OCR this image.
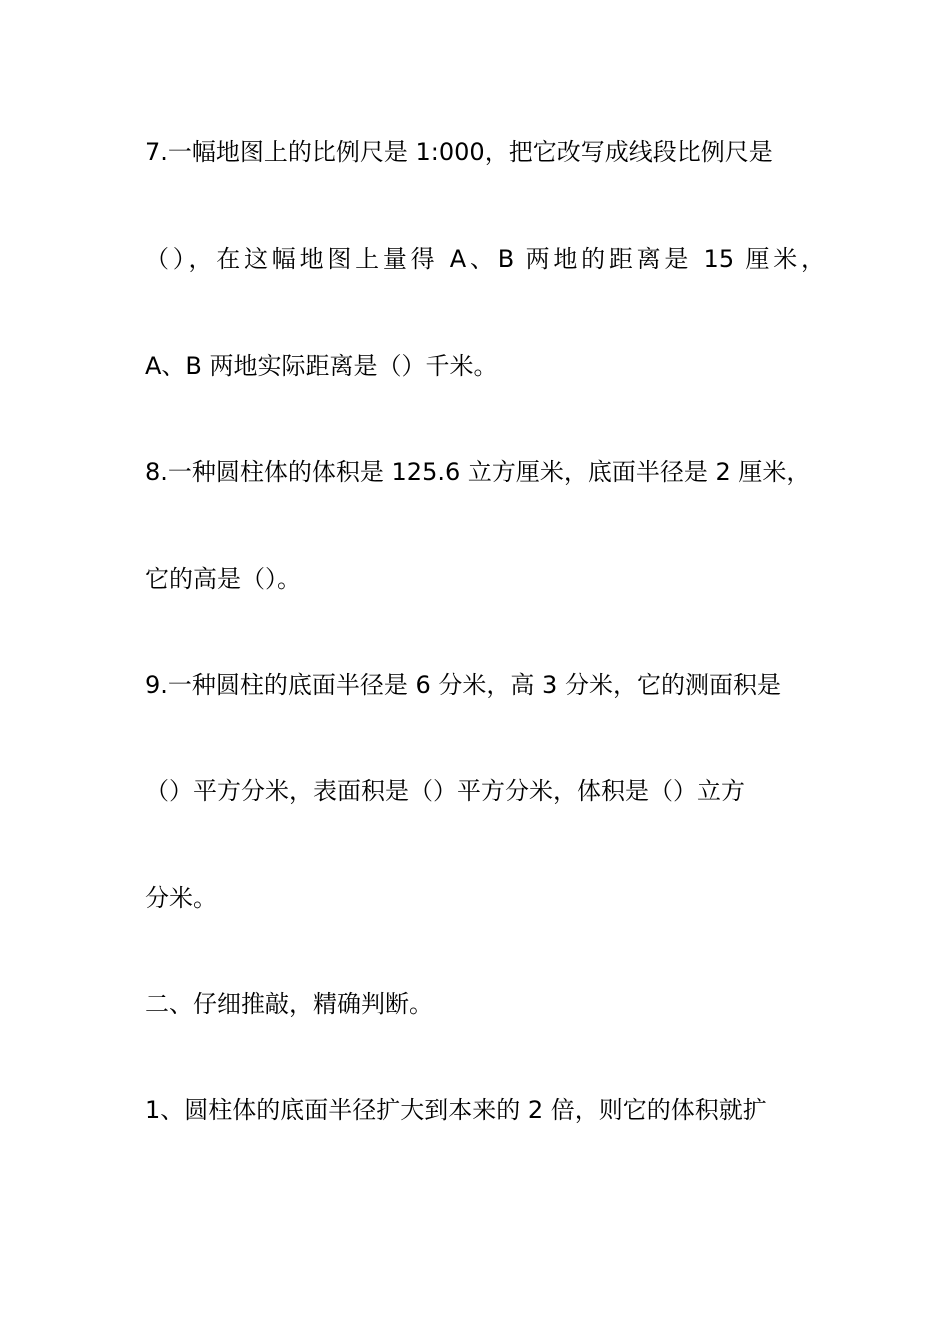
7.一幅地图上的比例尺是 1:000，把它改写成线段比例尺是
（），在这幅地图上量得 A、B 两地的距离是 15 厘米，
A、B 两地实际距离是（）千米。
8.一种圆柱体的体积是 125.6 立方厘米，底面半径是 2 厘米，
它的高是（）。
9.一种圆柱的底面半径是 6 分米，高 3 分米，它的测面积是
（）平方分米，表面积是（）平方分米，体积是（）立方
分米。
二、仔细推敲，精确判断。
1、圆柱体的底面半径扩大到本来的 2 倍，则它的体积就扩
